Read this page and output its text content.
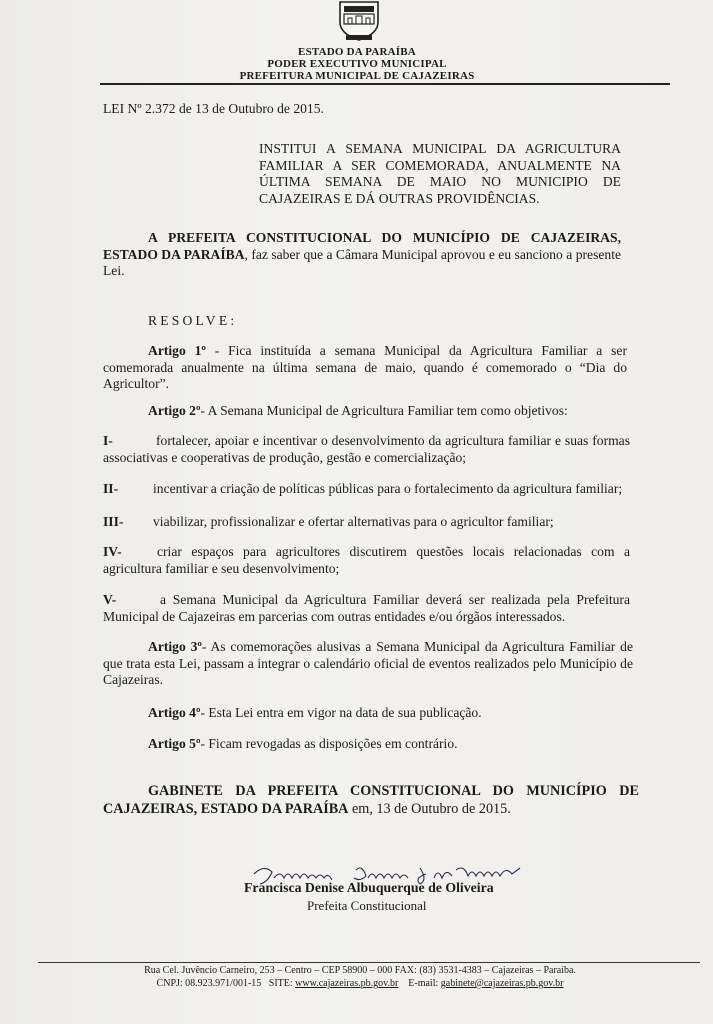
ESTADO DA PARAÍBA
PODER EXECUTIVO MUNICIPAL
PREFEITURA MUNICIPAL DE CAJAZEIRAS
LEI Nº 2.372 de 13 de Outubro de 2015.
INSTITUI A SEMANA MUNICIPAL DA AGRICULTURA FAMILIAR A SER COMEMORADA, ANUALMENTE NA ÚLTIMA SEMANA DE MAIO NO MUNICIPIO DE CAJAZEIRAS E DÁ OUTRAS PROVIDÊNCIAS.
A PREFEITA CONSTITUCIONAL DO MUNICÍPIO DE CAJAZEIRAS, ESTADO DA PARAÍBA, faz saber que a Câmara Municipal aprovou e eu sanciono a presente Lei.
RESOLVE:
Artigo 1º - Fica instituída a semana Municipal da Agricultura Familiar a ser comemorada anualmente na última semana de maio, quando é comemorado o “Dia do Agricultor”.
Artigo 2º- A Semana Municipal de Agricultura Familiar tem como objetivos:
I-	fortalecer, apoiar e incentivar o desenvolvimento da agricultura familiar e suas formas associativas e cooperativas de produção, gestão e comercialização;
II-	incentivar a criação de políticas públicas para o fortalecimento da agricultura familiar;
III- viabilizar, profissionalizar e ofertar alternativas para o agricultor familiar;
IV-	criar espaços para agricultores discutirem questões locais relacionadas com a agricultura familiar e seu desenvolvimento;
V-	a Semana Municipal da Agricultura Familiar deverá ser realizada pela Prefeitura Municipal de Cajazeiras em parcerias com outras entidades e/ou órgãos interessados.
Artigo 3º- As comemorações alusivas a Semana Municipal da Agricultura Familiar de que trata esta Lei, passam a integrar o calendário oficial de eventos realizados pelo Município de Cajazeiras.
Artigo 4º- Esta Lei entra em vigor na data de sua publicação.
Artigo 5º- Ficam revogadas as disposições em contrário.
GABINETE DA PREFEITA CONSTITUCIONAL DO MUNICÍPIO DE CAJAZEIRAS, ESTADO DA PARAÍBA em, 13 de Outubro de 2015.
Francisca Denise Albuquerque de Oliveira
Prefeita Constitucional
Rua Cel. Juvêncio Carneiro, 253 – Centro – CEP 58900 – 000 FAX: (83) 3531-4383 – Cajazeiras – Paraíba.
CNPJ: 08.923.971/001-15 SITE: www.cajazeiras.pb.gov.br E-mail: gabinete@cajazeiras.pb.gov.br
